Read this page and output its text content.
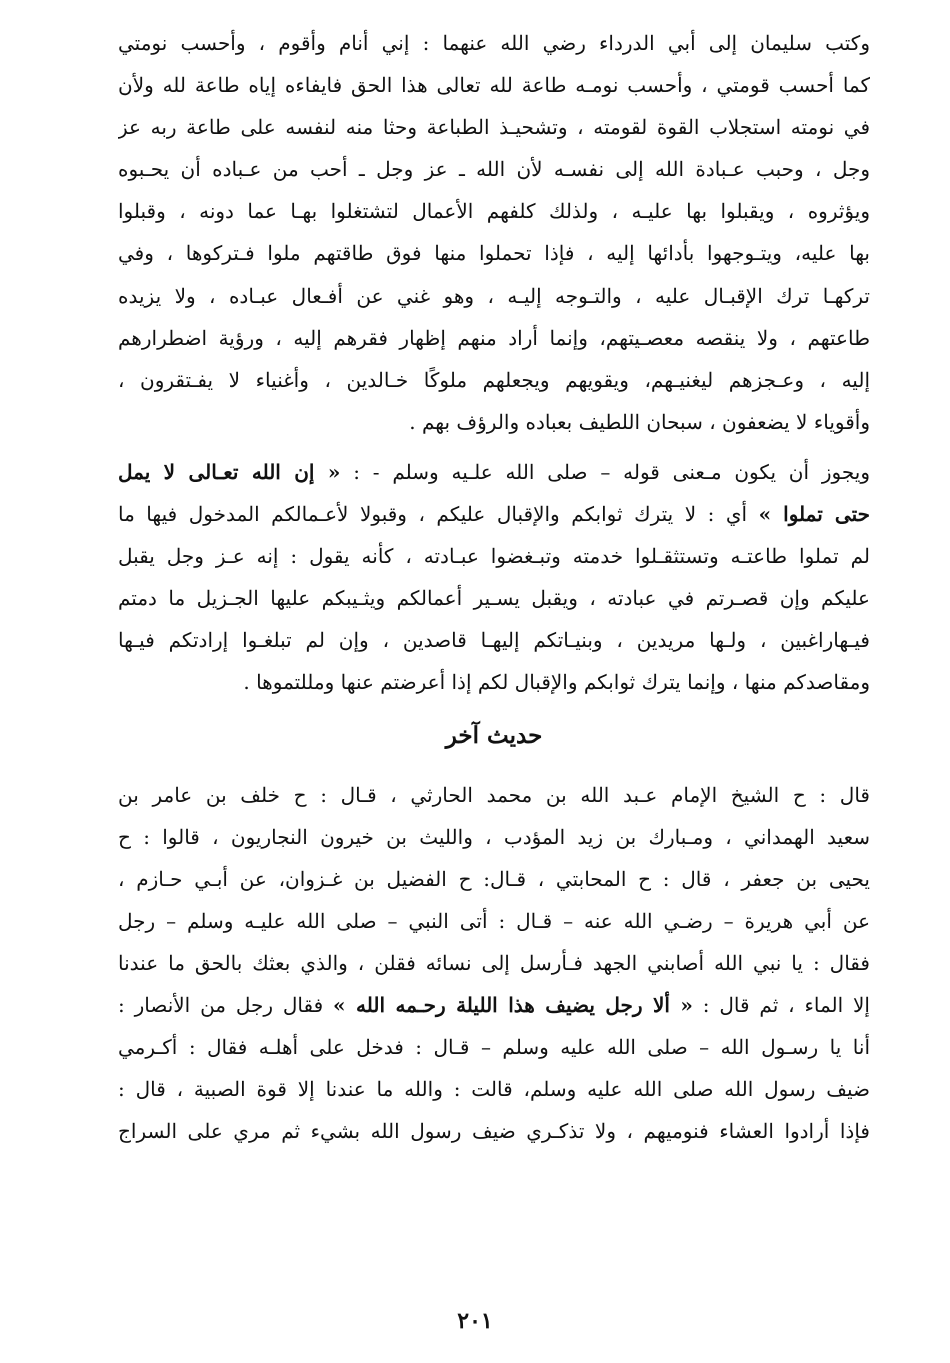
وكتب سليمان إلى أبي الدرداء رضي الله عنهما : إني أنام وأقوم ، وأحسب نومتي
كما أحسب قومتي ، وأحسب نومـه طاعة لله تعالى هذا الحق فايفاءه إياه طاعة لله ولأن
في نومته استجلاب القوة لقومته ، وتشحيـذ الطباعة وحثا منه لنفسه على طاعة ربه عز
وجل ، وحبب عـبادة الله إلى نفسـه لأن الله ـ عز وجل ـ أحب من عـباده أن يحـبوه
ويؤثروه ، ويقبلوا بها عليـه ، ولذلك كلفهم الأعمال لتشتغلوا بهـا عما دونه ، وقبلوا
بها عليه، ويتـوجهوا بأدائها إليه ، فإذا تحملوا منها فوق طاقتهم ملوا فـتركوها ، وفي
تركهـا ترك الإقبـال عليه ، والتـوجه إليـه ، وهو غني عن أفـعال عبـاده ، ولا يزيده
طاعتهم ، ولا ينقصه معصـيتهم، وإنما أراد منهم إظهار فقرهم إليه ، ورؤية اضطرارهم
إليه ، وعـجزهم ليغنيـهم، ويقويهم ويجعلهم ملوكًا خـالدين ، وأغنياء لا يفـتقرون ،
وأقوياء لا يضعفون ، سبحان اللطيف بعباده والرؤف بهم .

ويجوز أن يكون مـعنى قوله – صلى الله علـيه وسلم - : « إن الله تعـالى لا يمل
حتى تملوا » أي : لا يترك ثوابكم والإقبال عليكم ، وقبولا لأعـمالكم المدخول فيها ما
لم تملوا طاعتـه وتستثقـلوا خدمته وتبـغضوا عبـادته ، كأنه يقول : إنه عـز وجل يقبل
عليكم وإن قصـرتم في عبادته ، ويقبل يسـير أعمالكم ويثـيبكم عليها الجـزيل ما دمتم
فيـهاراغبين ، ولـها مريدين ، وبنيـاتكم إليهـا قاصدين ، وإن لم تبلغـوا إرادتكم فيـها
ومقاصدكم منها ، وإنما يترك ثوابكم والإقبال لكم إذا أعرضتم عنها ومللتموها .

حديث آخر

قال : ح الشيخ الإمام عـبد الله بن محمد الحارثي ، قـال : ح خلف بن عامر بن
سعيد الهمداني ، ومـبارك بن زيد المؤدب ، والليث بن خيرون النجاريون ، قالوا : ح
يحيى بن جعفر ، قال : ح المحابتي ، قـال: ح الفضيل بن غـزوان، عن أبـي حـازم ،
عن أبي هريرة – رضـي الله عنه – قـال : أتى النبي – صلى الله عليـه وسلم – رجل
فقال : يا نبي الله أصابني الجهد فـأرسل إلى نسائه فقلن ، والذي بعثك بالحق ما عندنا
إلا الماء ، ثم قال : « ألا رجل يضيف هذا الليلة رحـمه الله » فقال رجل من الأنصار :
أنا يا رسـول الله – صلى الله عليه وسلم – قـال : فدخل على أهلـه فقال : أكـرمي
ضيف رسول الله صلى الله عليه وسلم، قالت : والله ما عندنا إلا قوة الصبية ، قال :
فإذا أرادوا العشاء فنوميهم ، ولا تذكـري ضيف رسول الله بشيء ثم مري على السراج

٢٠١
